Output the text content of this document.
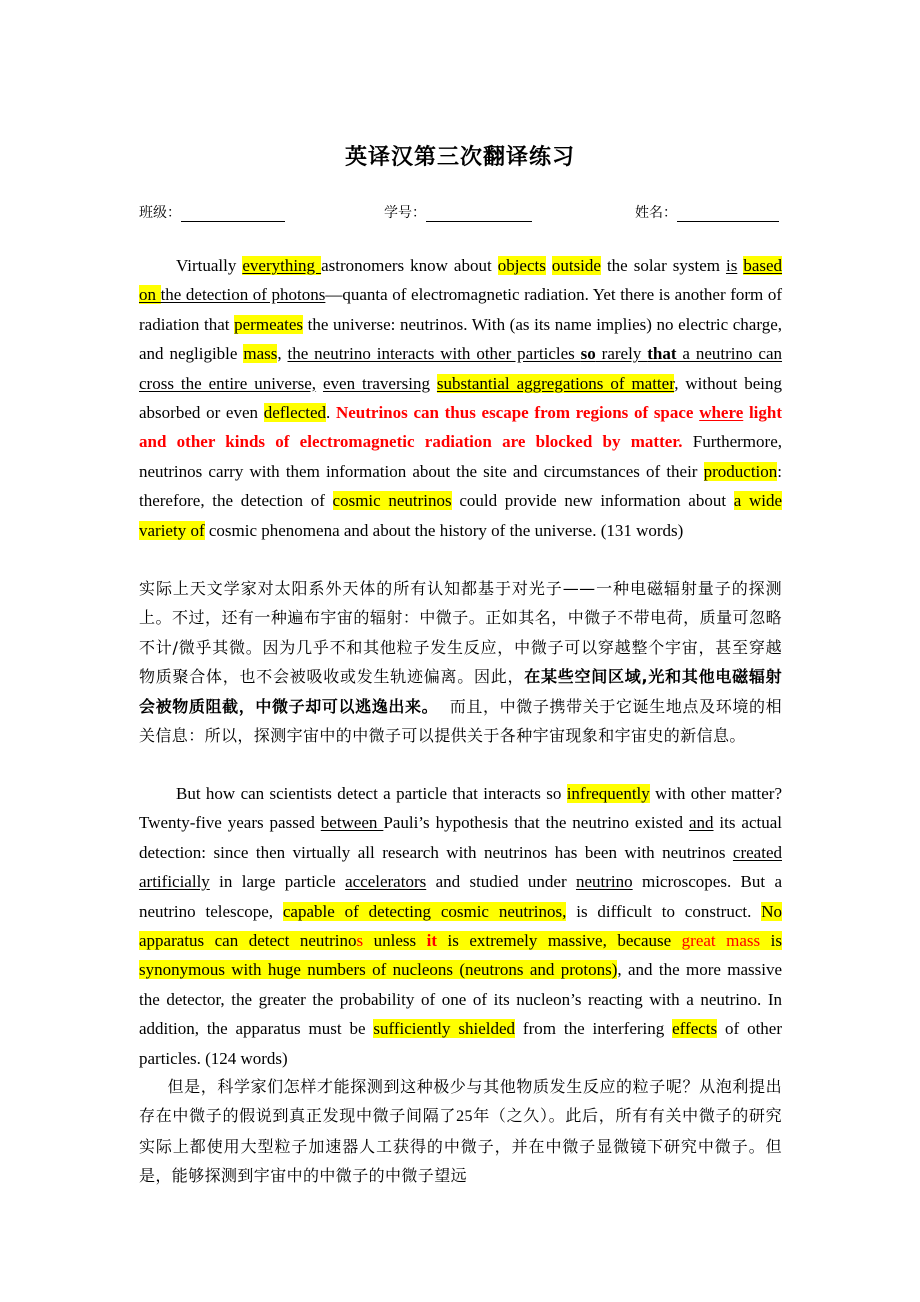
英译汉第三次翻译练习
班级：	学号：	姓名：

Virtually everything astronomers know about objects outside the solar system is based on the detection of photons—quanta of electromagnetic radiation. Yet there is another form of radiation that permeates the universe: neutrinos. With (as its name implies) no electric charge, and negligible mass, the neutrino interacts with other particles so rarely that a neutrino can cross the entire universe, even traversing substantial aggregations of matter, without being absorbed or even deflected. Neutrinos can thus escape from regions of space where light and other kinds of electromagnetic radiation are blocked by matter. Furthermore, neutrinos carry with them information about the site and circumstances of their production: therefore, the detection of cosmic neutrinos could provide new information about a wide variety of cosmic phenomena and about the history of the universe. (131 words)

实际上天文学家对太阳系外天体的所有认知都基于对光子——一种电磁辐射量子的探测上。不过，还有一种遍布宇宙的辐射：中微子。正如其名，中微子不带电荷，质量可忽略不计/微乎其微。因为几乎不和其他粒子发生反应，中微子可以穿越整个宇宙，甚至穿越物质聚合体，也不会被吸收或发生轨迹偏离。因此，在某些空间区域,光和其他电磁辐射会被物质阻截，中微子却可以逃逸出来。 而且，中微子携带关于它诞生地点及环境的相关信息：所以，探测宇宙中的中微子可以提供关于各种宇宙现象和宇宙史的新信息。

But how can scientists detect a particle that interacts so infrequently with other matter? Twenty-five years passed between Pauli’s hypothesis that the neutrino existed and its actual detection: since then virtually all research with neutrinos has been with neutrinos created artificially in large particle accelerators and studied under neutrino microscopes. But a neutrino telescope, capable of detecting cosmic neutrinos, is difficult to construct. No apparatus can detect neutrinos unless it is extremely massive, because great mass is synonymous with huge numbers of nucleons (neutrons and protons), and the more massive the detector, the greater the probability of one of its nucleon’s reacting with a neutrino. In addition, the apparatus must be sufficiently shielded from the interfering effects of other particles. (124 words)

但是，科学家们怎样才能探测到这种极少与其他物质发生反应的粒子呢？从泡利提出存在中微子的假说到真正发现中微子间隔了25年（之久）。此后，所有有关中微子的研究实际上都使用大型粒子加速器人工获得的中微子，并在中微子显微镜下研究中微子。但是，能够探测到宇宙中的中微子的中微子望远
